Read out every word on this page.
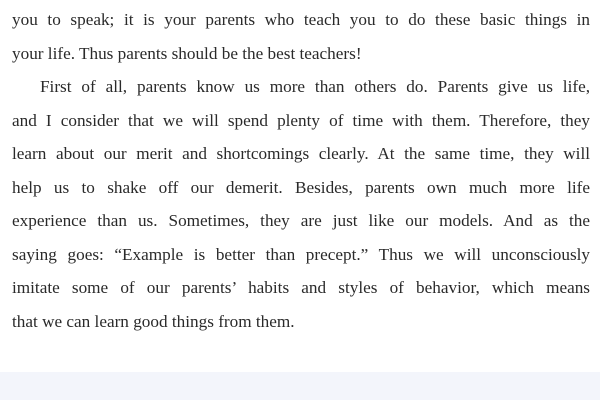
you to speak; it is your parents who teach you to do these basic things in
your life. Thus parents should be the best teachers!
First of all, parents know us more than others do. Parents give us life,
and I consider that we will spend plenty of time with them. Therefore, they
learn about our merit and shortcomings clearly. At the same time, they will
help us to shake off our demerit. Besides, parents own much more life
experience than us. Sometimes, they are just like our models. And as the
saying goes: “Example is better than precept.” Thus we will unconsciously
imitate some of our parents’ habits and styles of behavior, which means
that we can learn good things from them.
